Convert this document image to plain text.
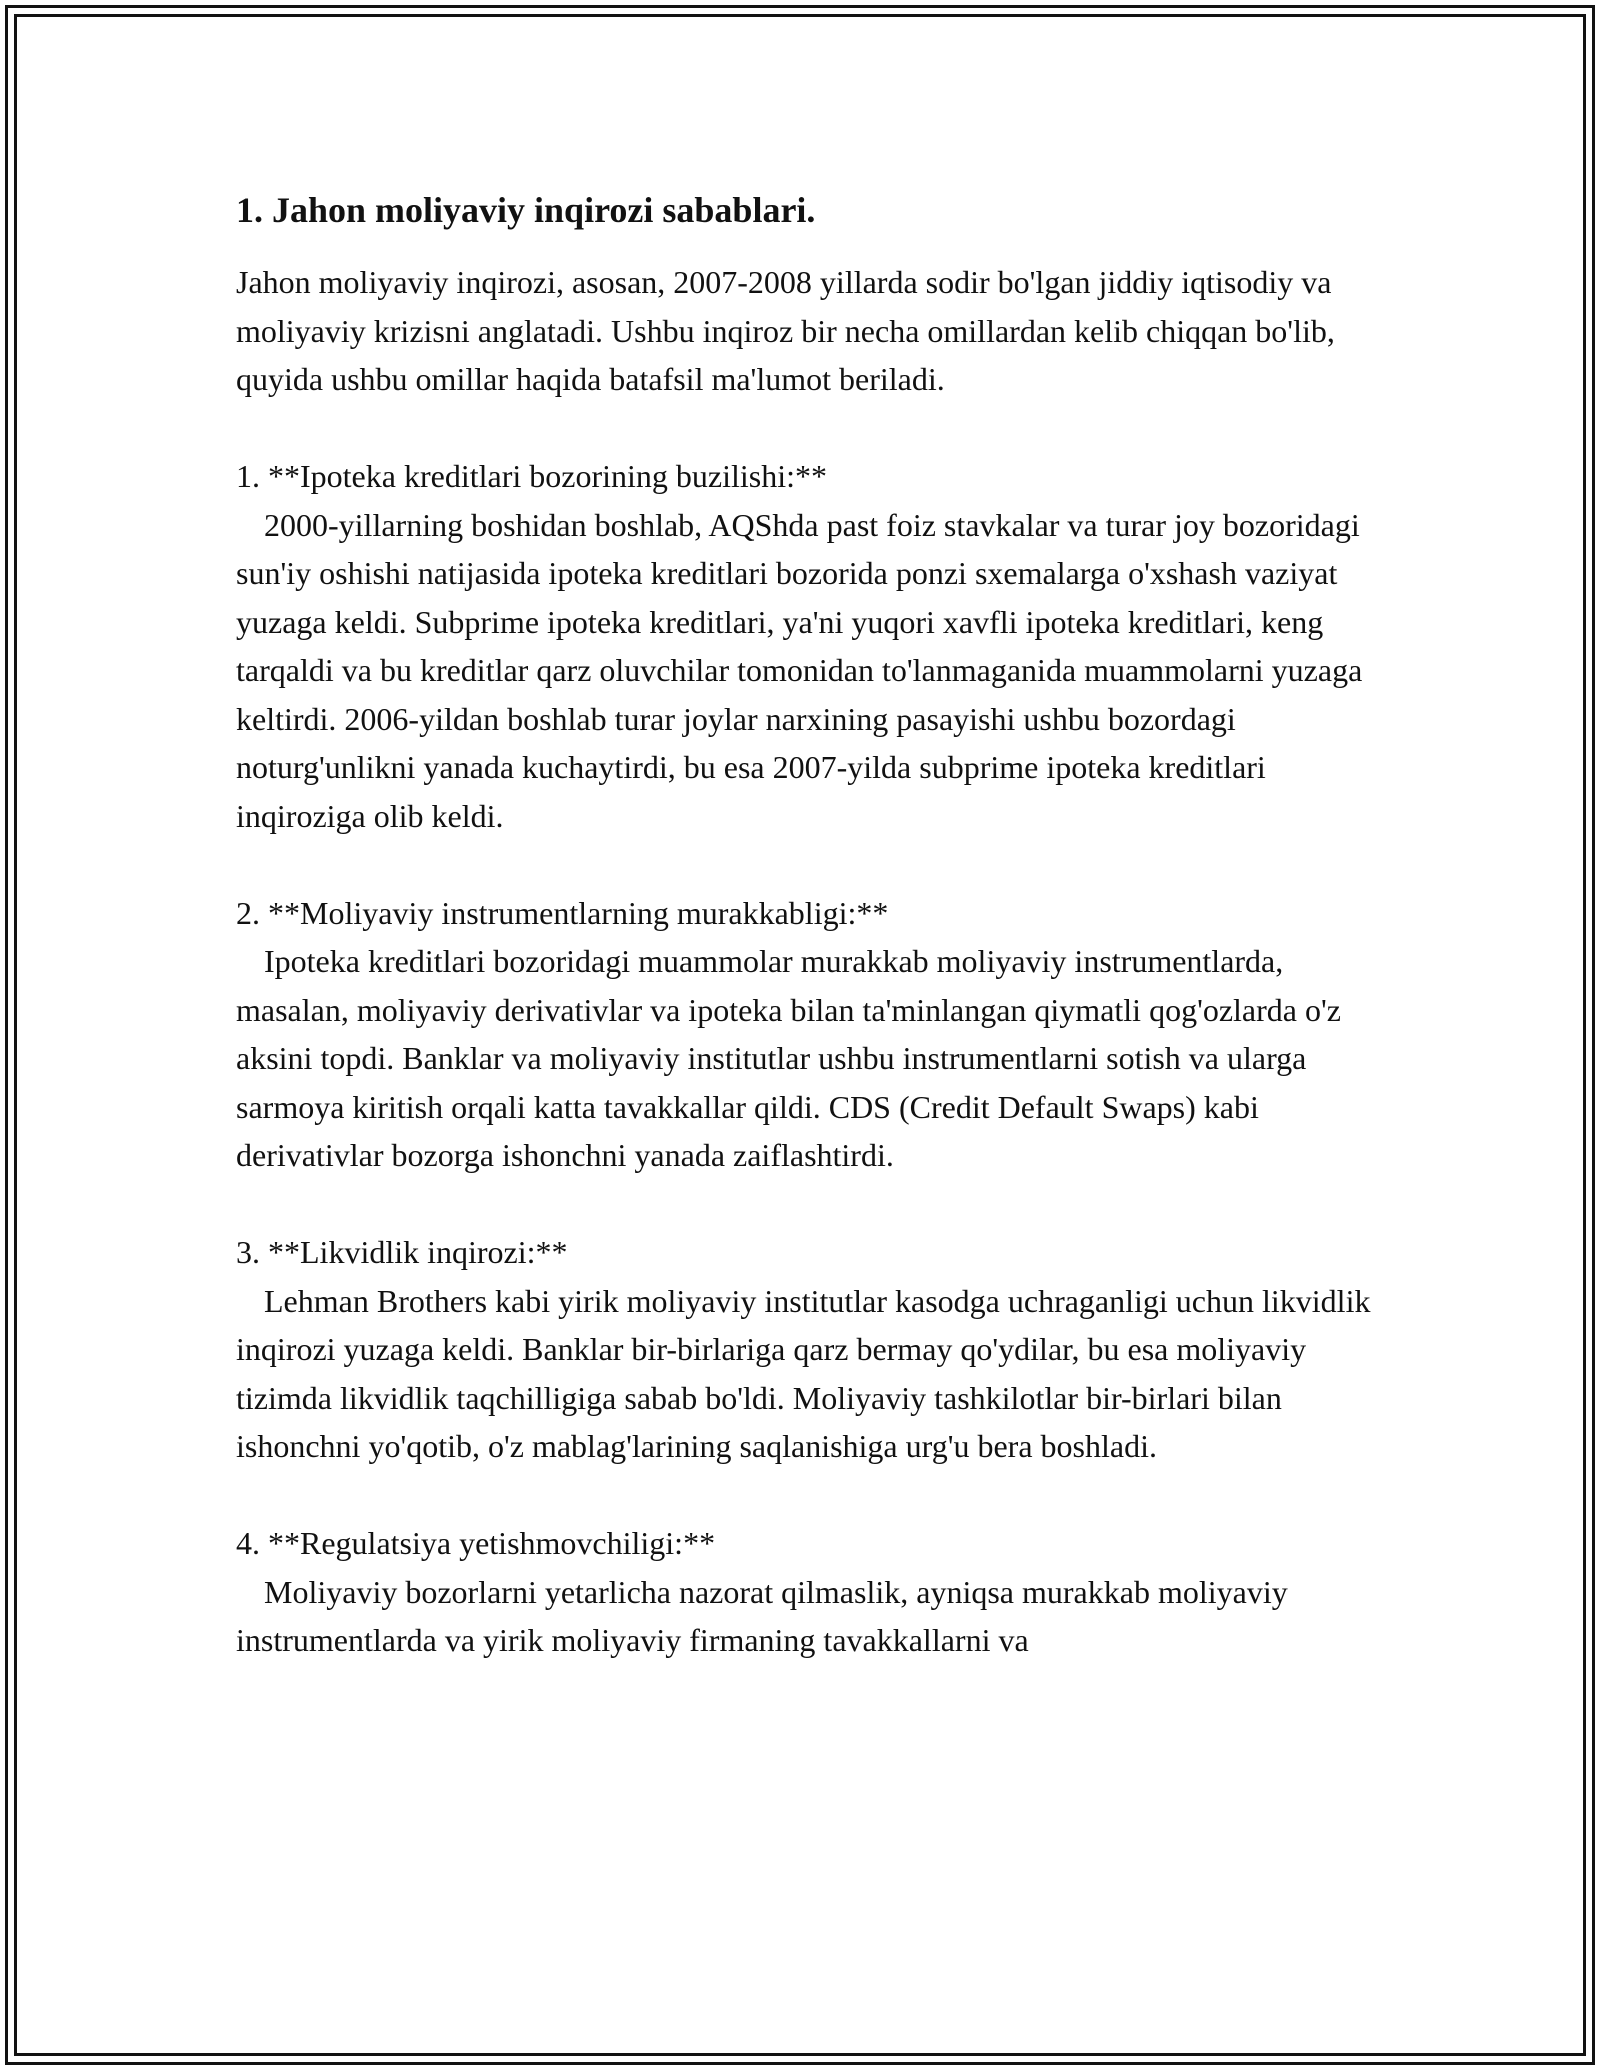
1. Jahon moliyaviy inqirozi sabablari.

Jahon moliyaviy inqirozi, asosan, 2007-2008 yillarda sodir bo'lgan jiddiy iqtisodiy va moliyaviy krizisni anglatadi. Ushbu inqiroz bir necha omillardan kelib chiqqan bo'lib, quyida ushbu omillar haqida batafsil ma'lumot beriladi.

1. **Ipoteka kreditlari bozorining buzilishi:**

2000-yillarning boshidan boshlab, AQShda past foiz stavkalar va turar joy bozoridagi sun'iy oshishi natijasida ipoteka kreditlari bozorida ponzi sxemalarga o'xshash vaziyat yuzaga keldi. Subprime ipoteka kreditlari, ya'ni yuqori xavfli ipoteka kreditlari, keng tarqaldi va bu kreditlar qarz oluvchilar tomonidan to'lanmaganida muammolarni yuzaga keltirdi. 2006-yildan boshlab turar joylar narxining pasayishi ushbu bozordagi noturg'unlikni yanada kuchaytirdi, bu esa 2007-yilda subprime ipoteka kreditlari inqiroziga olib keldi.

2. **Moliyaviy instrumentlarning murakkabligi:**

Ipoteka kreditlari bozoridagi muammolar murakkab moliyaviy instrumentlarda, masalan, moliyaviy derivativlar va ipoteka bilan ta'minlangan qiymatli qog'ozlarda o'z aksini topdi. Banklar va moliyaviy institutlar ushbu instrumentlarni sotish va ularga sarmoya kiritish orqali katta tavakkallar qildi. CDS (Credit Default Swaps) kabi derivativlar bozorga ishonchni yanada zaiflashtirdi.

3. **Likvidlik inqirozi:**

Lehman Brothers kabi yirik moliyaviy institutlar kasodga uchraganligi uchun likvidlik inqirozi yuzaga keldi. Banklar bir-birlariga qarz bermay qo'ydilar, bu esa moliyaviy tizimda likvidlik taqchilligiga sabab bo'ldi. Moliyaviy tashkilotlar bir-birlari bilan ishonchni yo'qotib, o'z mablag'larining saqlanishiga urg'u bera boshladi.

4. **Regulatsiya yetishmovchiligi:**

Moliyaviy bozorlarni yetarlicha nazorat qilmaslik, ayniqsa murakkab moliyaviy instrumentlarda va yirik moliyaviy firmaning tavakkallarni va
